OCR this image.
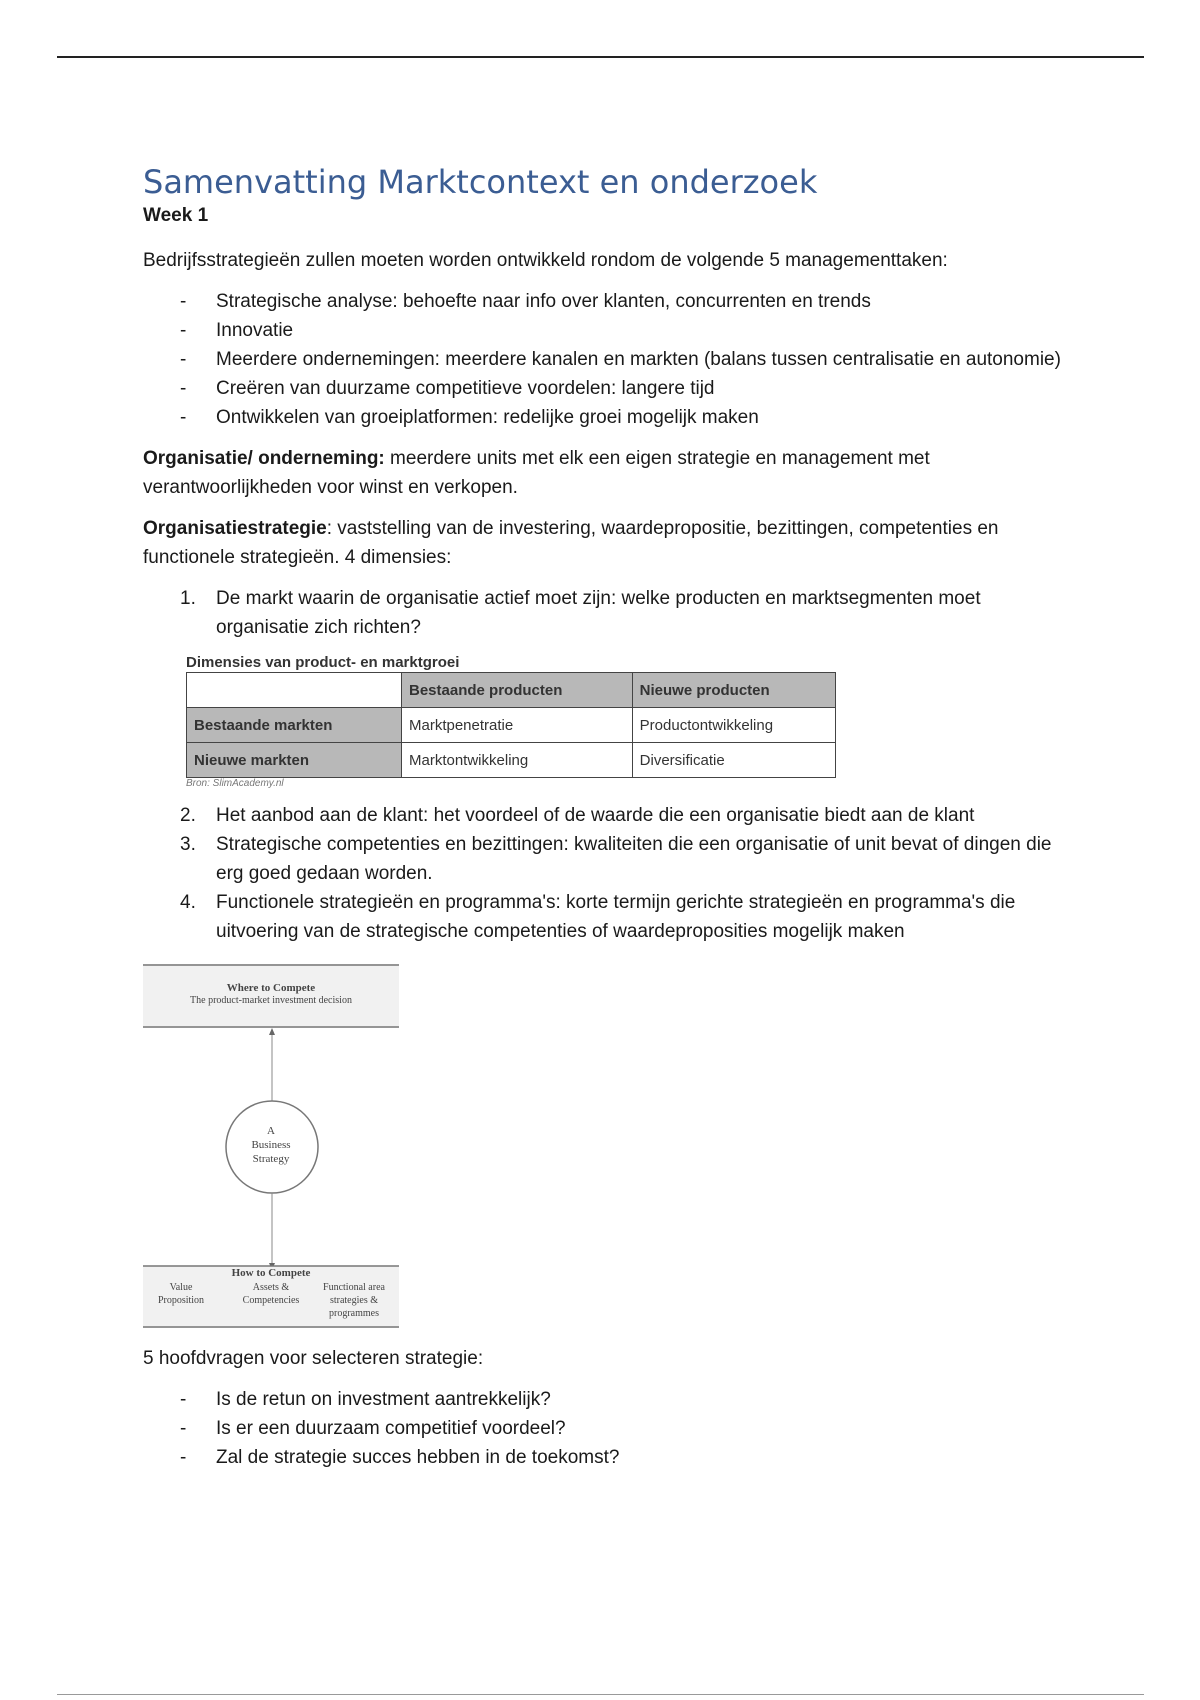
Samenvatting Marktcontext en onderzoek
Week 1

Bedrijfsstrategieën zullen moeten worden ontwikkeld rondom de volgende 5 managementtaken:

- Strategische analyse: behoefte naar info over klanten, concurrenten en trends
- Innovatie
- Meerdere ondernemingen: meerdere kanalen en markten (balans tussen centralisatie en autonomie)
- Creëren van duurzame competitieve voordelen: langere tijd
- Ontwikkelen van groeiplatformen: redelijke groei mogelijk maken

Organisatie/ onderneming: meerdere units met elk een eigen strategie en management met verantwoorlijkheden voor winst en verkopen.

Organisatiestrategie: vaststelling van de investering, waardepropositie, bezittingen, competenties en functionele strategieën. 4 dimensies:

1. De markt waarin de organisatie actief moet zijn: welke producten en marktsegmenten moet organisatie zich richten?
Dimensies van product- en marktgroei
	Bestaande producten	Nieuwe producten
Bestaande markten	Marktpenetratie	Productontwikkeling
Nieuwe markten	Marktontwikkeling	Diversificatie
Bron: SlimAcademy.nl
2. Het aanbod aan de klant: het voordeel of de waarde die een organisatie biedt aan de klant
3. Strategische competenties en bezittingen: kwaliteiten die een organisatie of unit bevat of dingen die erg goed gedaan worden.
4. Functionele strategieën en programma's: korte termijn gerichte strategieën en programma's die uitvoering van de strategische competenties of waardeproposities mogelijk maken
Where to Compete
The product-market investment decision
A
Business
Strategy
How to Compete
Value Proposition
Assets & Competencies
Functional area strategies & programmes

5 hoofdvragen voor selecteren strategie:

- Is de retun on investment aantrekkelijk?
- Is er een duurzaam competitief voordeel?
- Zal de strategie succes hebben in de toekomst?
